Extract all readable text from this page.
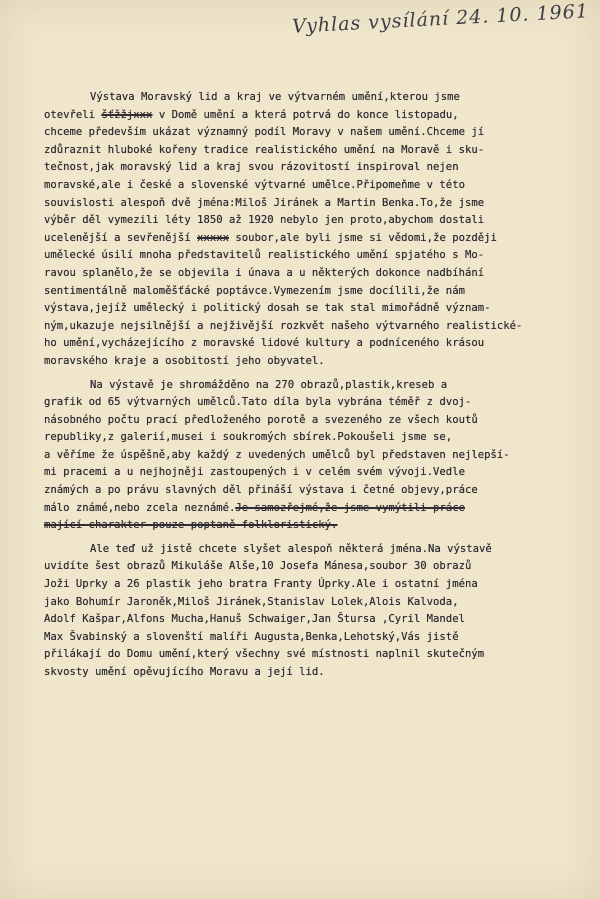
Vyhlas vysílání 24. 10. 1961
Výstava Moravský lid a kraj ve výtvarném umění,kterou jsme
otevřeli šťžžjxxx v Domě umění a která potrvá do konce listopadu,
chceme především ukázat významný podíl Moravy v našem umění.Chceme jí
zdůraznit hluboké kořeny tradice realistického umění na Moravě i sku-
tečnost,jak moravský lid a kraj svou rázovitostí inspiroval nejen
moravské,ale i české a slovenské výtvarné umělce.Připomeňme v této
souvislosti alespoň dvě jména:Miloš Jiránek a Martin Benka.To,že jsme
výběr děl vymezili léty 1850 až 1920 nebylo jen proto,abychom dostali
ucelenější a sevřenější xxxxx soubor,ale byli jsme si vědomi,že později
umělecké úsilí mnoha představitelů realistického umění spjatého s Mo-
ravou splanělo,že se objevila i únava a u některých dokonce nadbíhání
sentimentálně maloměšťácké poptávce.Vymezením jsme docílili,že nám
výstava,jejíž umělecký i politický dosah se tak stal mimořádně význam-
ným,ukazuje nejsilnější a nejživější rozkvět našeho výtvarného realistické-
ho umění,vycházejícího z moravské lidové kultury a podníceného krásou
moravského kraje a osobitostí jeho obyvatel.
Na výstavě je shromážděno na 270 obrazů,plastik,kreseb a
grafik od 65 výtvarných umělců.Tato díla byla vybrána téměř z dvoj-
násobného počtu prací předloženého porotě a svezeného ze všech koutů
republiky,z galerií,musei i soukromých sbírek.Pokoušeli jsme se,
a věříme že úspěšně,aby každý z uvedených umělců byl představen nejlepší-
mi pracemi a u nejhojněji zastoupených i v celém svém vývoji.Vedle
známých a po právu slavných děl přináší výstava i četné objevy,práce
málo známé,nebo zcela neznámé.Je samozřejmé,že jsme vymýtili práce
mající charakter pouze poptaně folkloristický.
Ale teď už jistě chcete slyšet alespoň některá jména.Na výstavě
uvidíte šest obrazů Mikuláše Alše,10 Josefa Mánesa,soubor 30 obrazů
Joži Uprky a 26 plastik jeho bratra Franty Úprky.Ale i ostatní jména
jako Bohumír Jaroněk,Miloš Jiránek,Stanislav Lolek,Alois Kalvoda,
Adolf Kašpar,Alfons Mucha,Hanuš Schwaiger,Jan Štursa ,Cyril Mandel
Max Švabinský a slovenští malíři Augusta,Benka,Lehotský,Vás jistě
přilákají do Domu umění,který všechny své místnosti naplnil skutečným
skvosty umění opěvujícího Moravu a její lid.
